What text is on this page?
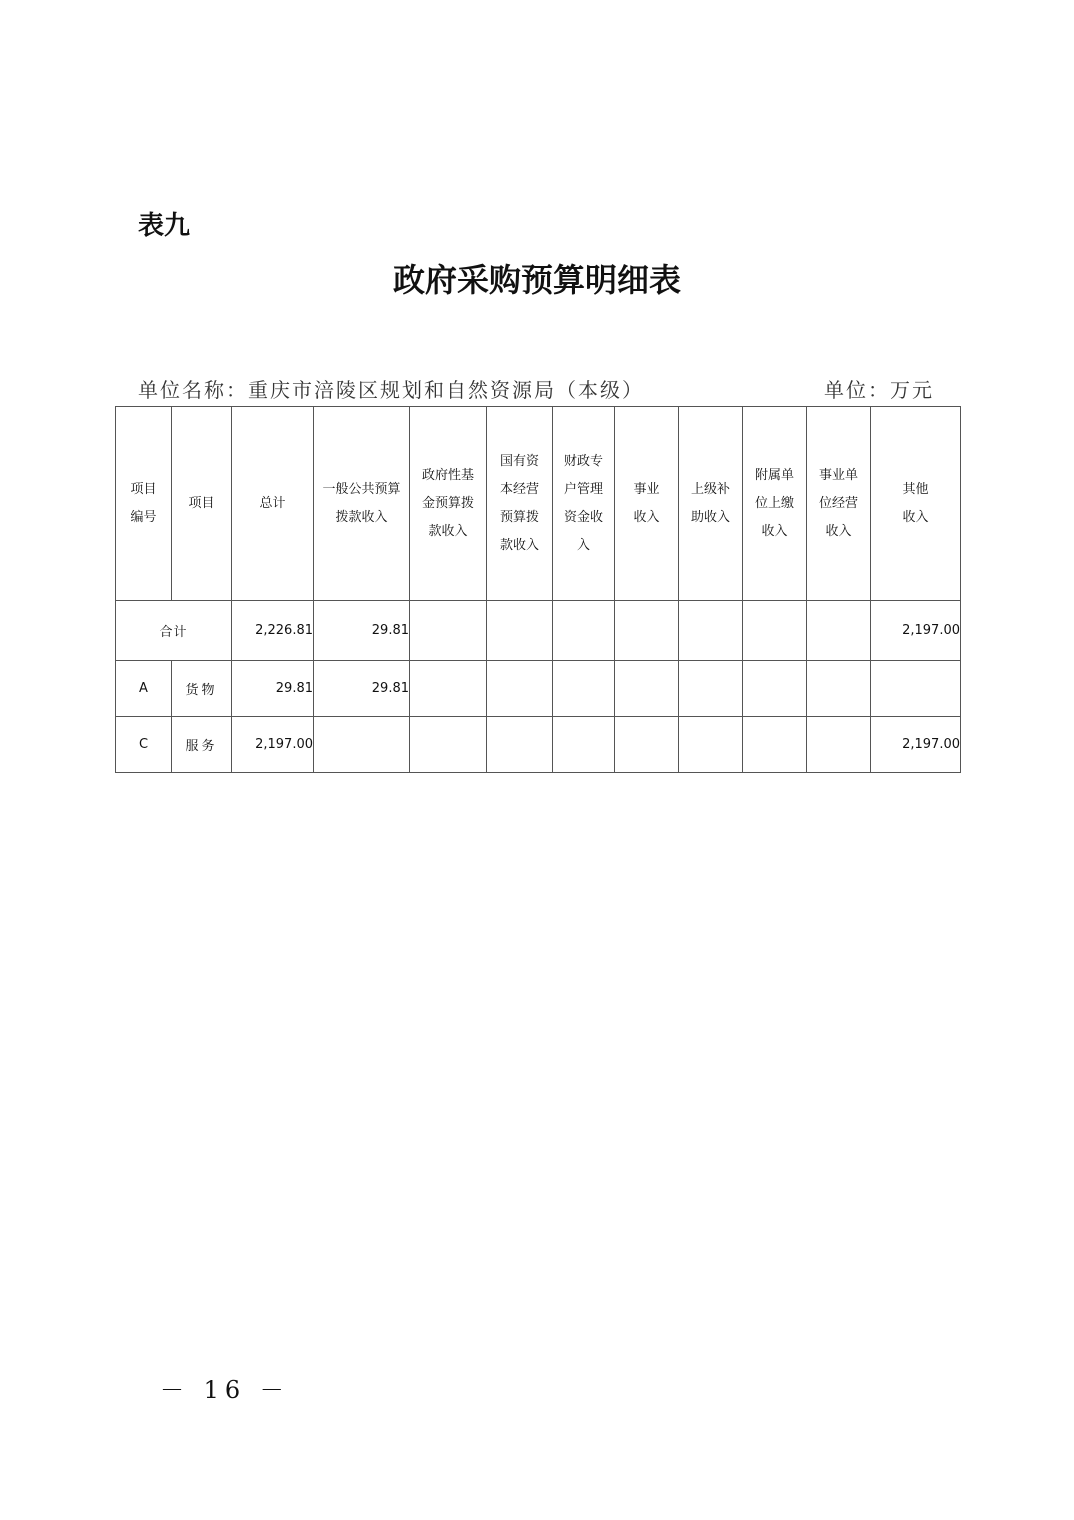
表九
政府采购预算明细表
单位名称：重庆市涪陵区规划和自然资源局（本级）	单位：万元
项目编号	项目	总计	一般公共预算拨款收入	政府性基金预算拨款收入	国有资本经营预算拨款收入	财政专户管理资金收入	事业收入	上级补助收入	附属单位上缴收入	事业单位经营收入	其他收入
合计		2,226.81	29.81								2,197.00
A	货物	29.81	29.81								
C	服务	2,197.00									2,197.00
－ 16 －
